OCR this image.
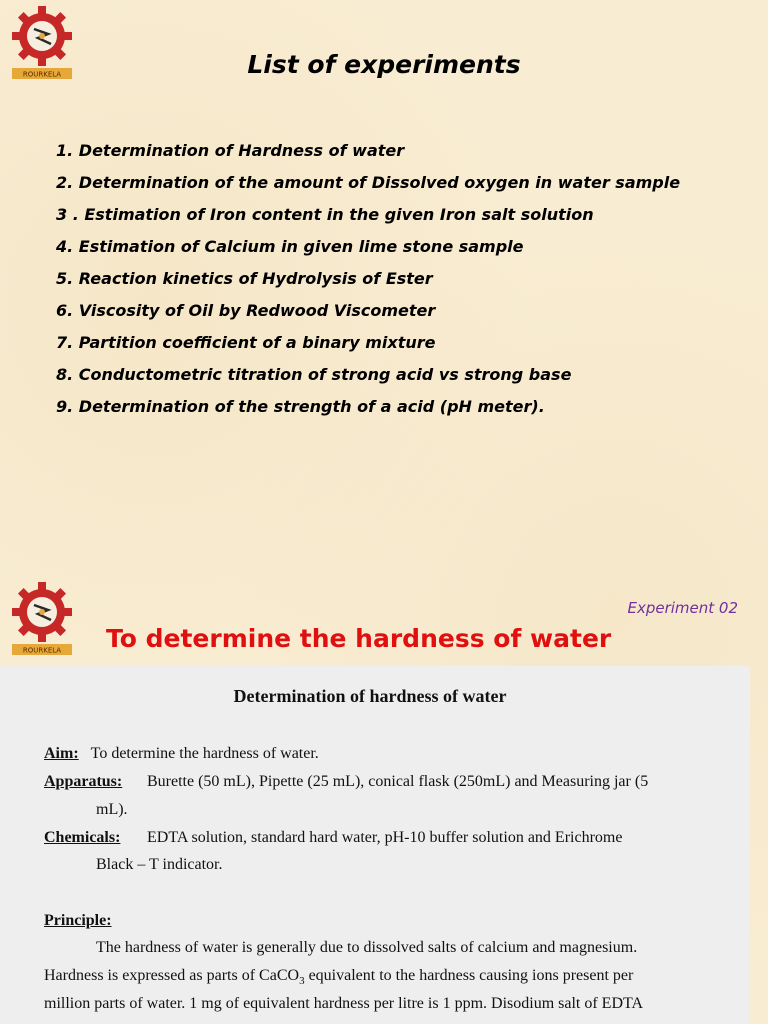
ROURKELA	List of experiments
1. Determination of Hardness of water
2. Determination of the amount of Dissolved oxygen in water sample
3 . Estimation of Iron content in the given Iron salt solution
4. Estimation of Calcium in given lime stone sample
5. Reaction kinetics of Hydrolysis of Ester
6. Viscosity of Oil by Redwood Viscometer
7. Partition coefficient of a binary mixture
8. Conductometric titration of strong acid vs strong base
9. Determination of the strength of a acid (pH meter).
ROURKELA
Experiment 02
To determine the hardness of water
Determination of hardness of water
Aim: To determine the hardness of water.
Apparatus: Burette (50 mL), Pipette (25 mL), conical flask (250mL) and Measuring jar (5
mL).
Chemicals: EDTA solution, standard hard water, pH-10 buffer solution and Erichrome
Black – T indicator.
Principle:
The hardness of water is generally due to dissolved salts of calcium and magnesium.
Hardness is expressed as parts of CaCO$_3$ equivalent to the hardness causing ions present per
million parts of water. 1 mg of equivalent hardness per litre is 1 ppm. Disodium salt of EDTA
